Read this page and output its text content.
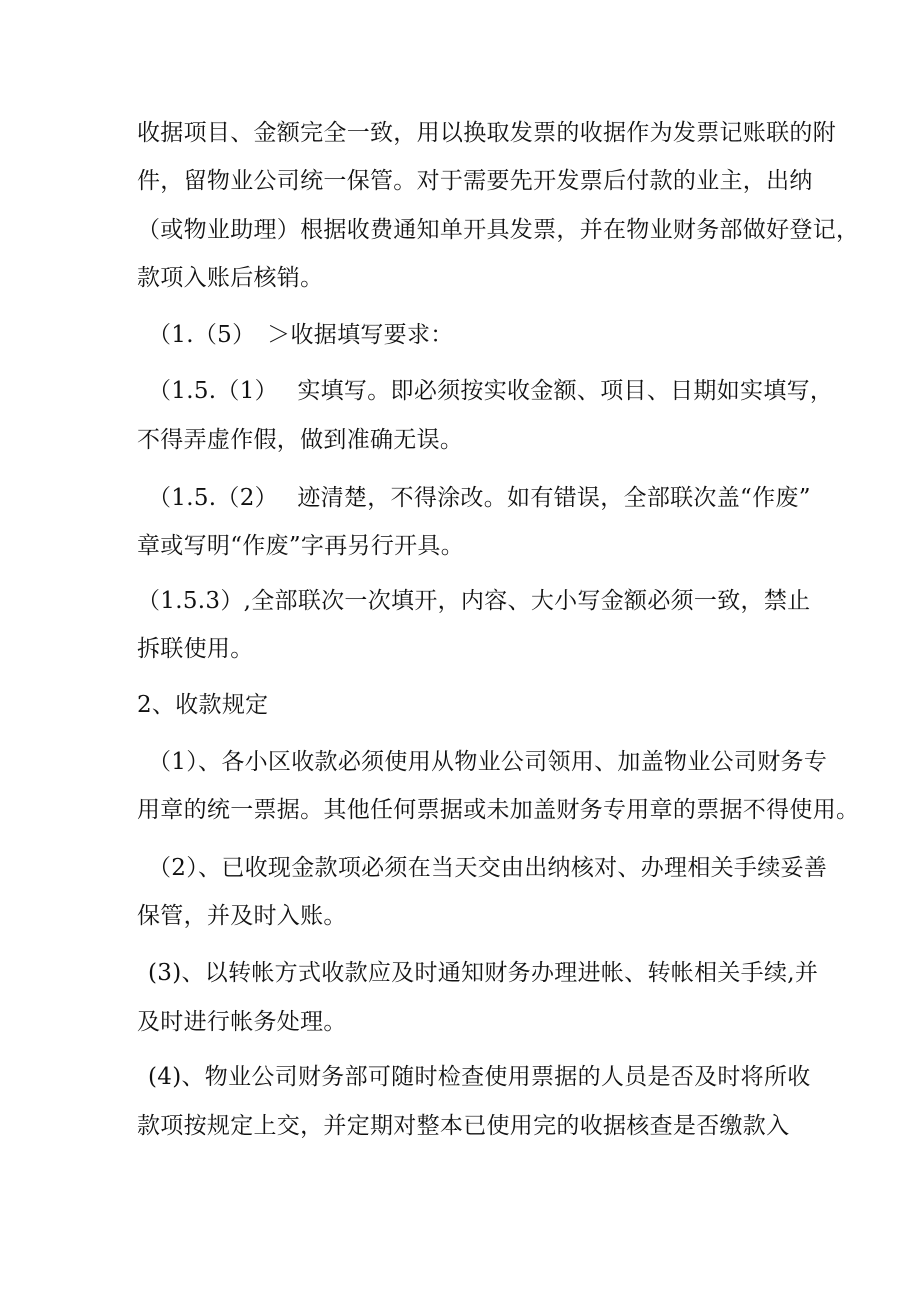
收据项目、金额完全一致，用以换取发票的收据作为发票记账联的附
件，留物业公司统一保管。对于需要先开发票后付款的业主，出纳
（或物业助理）根据收费通知单开具发票，并在物业财务部做好登记，
款项入账后核销。
（1.（5）　＞收据填写要求：
（1.5.（1）　 实填写。即必须按实收金额、项目、日期如实填写，
不得弄虚作假，做到准确无误。
（1.5.（2）　 迹清楚，不得涂改。如有错误，全部联次盖“作废”
章或写明“作废”字再另行开具。
（1.5.3）,全部联次一次填开，内容、大小写金额必须一致，禁止
拆联使用。
2、收款规定
（1）、各小区收款必须使用从物业公司领用、加盖物业公司财务专
用章的统一票据。其他任何票据或未加盖财务专用章的票据不得使用。
（2）、已收现金款项必须在当天交由出纳核对、办理相关手续妥善
保管，并及时入账。
(3)、以转帐方式收款应及时通知财务办理进帐、转帐相关手续,并
及时进行帐务处理。
(4)、物业公司财务部可随时检查使用票据的人员是否及时将所收
款项按规定上交，并定期对整本已使用完的收据核查是否缴款入
